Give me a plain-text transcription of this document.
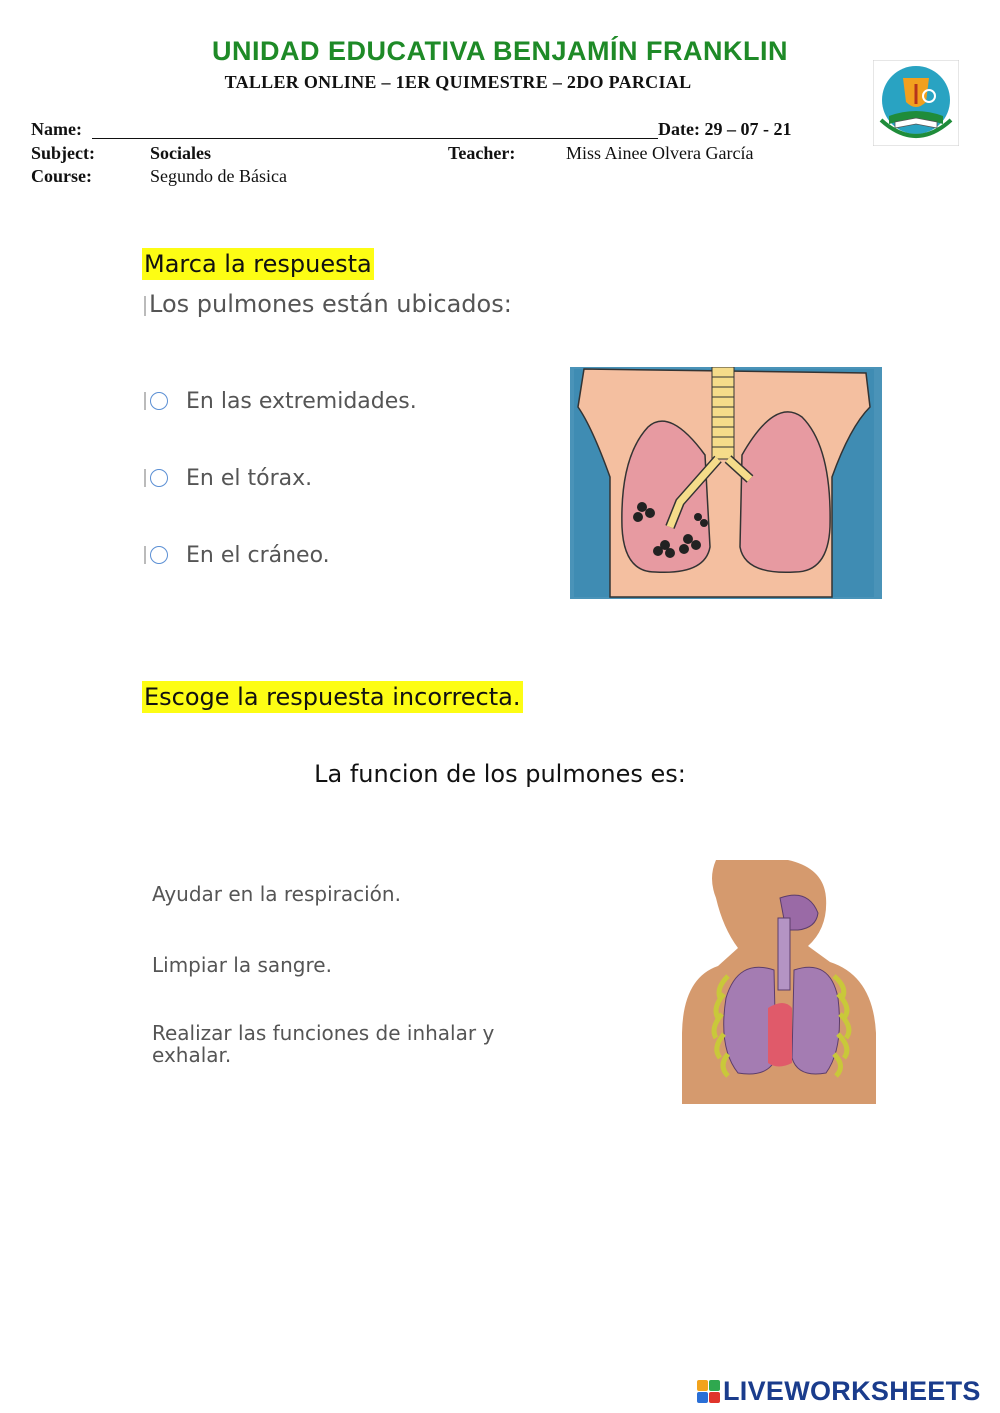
UNIDAD EDUCATIVA BENJAMÍN FRANKLIN
TALLER ONLINE – 1ER QUIMESTRE – 2DO PARCIAL
Name:	Date: 29 – 07 - 21
Subject:	Sociales	Teacher:	Miss Ainee Olvera García
Course:	Segundo de Básica
Marca la respuesta
Los pulmones están ubicados:
En las extremidades.
En el tórax.
En el cráneo.
Escoge la respuesta incorrecta.
La funcion de los pulmones es:
Ayudar en la respiración.
Limpiar la sangre.
Realizar las funciones de inhalar y exhalar.
LIVEWORKSHEETS
